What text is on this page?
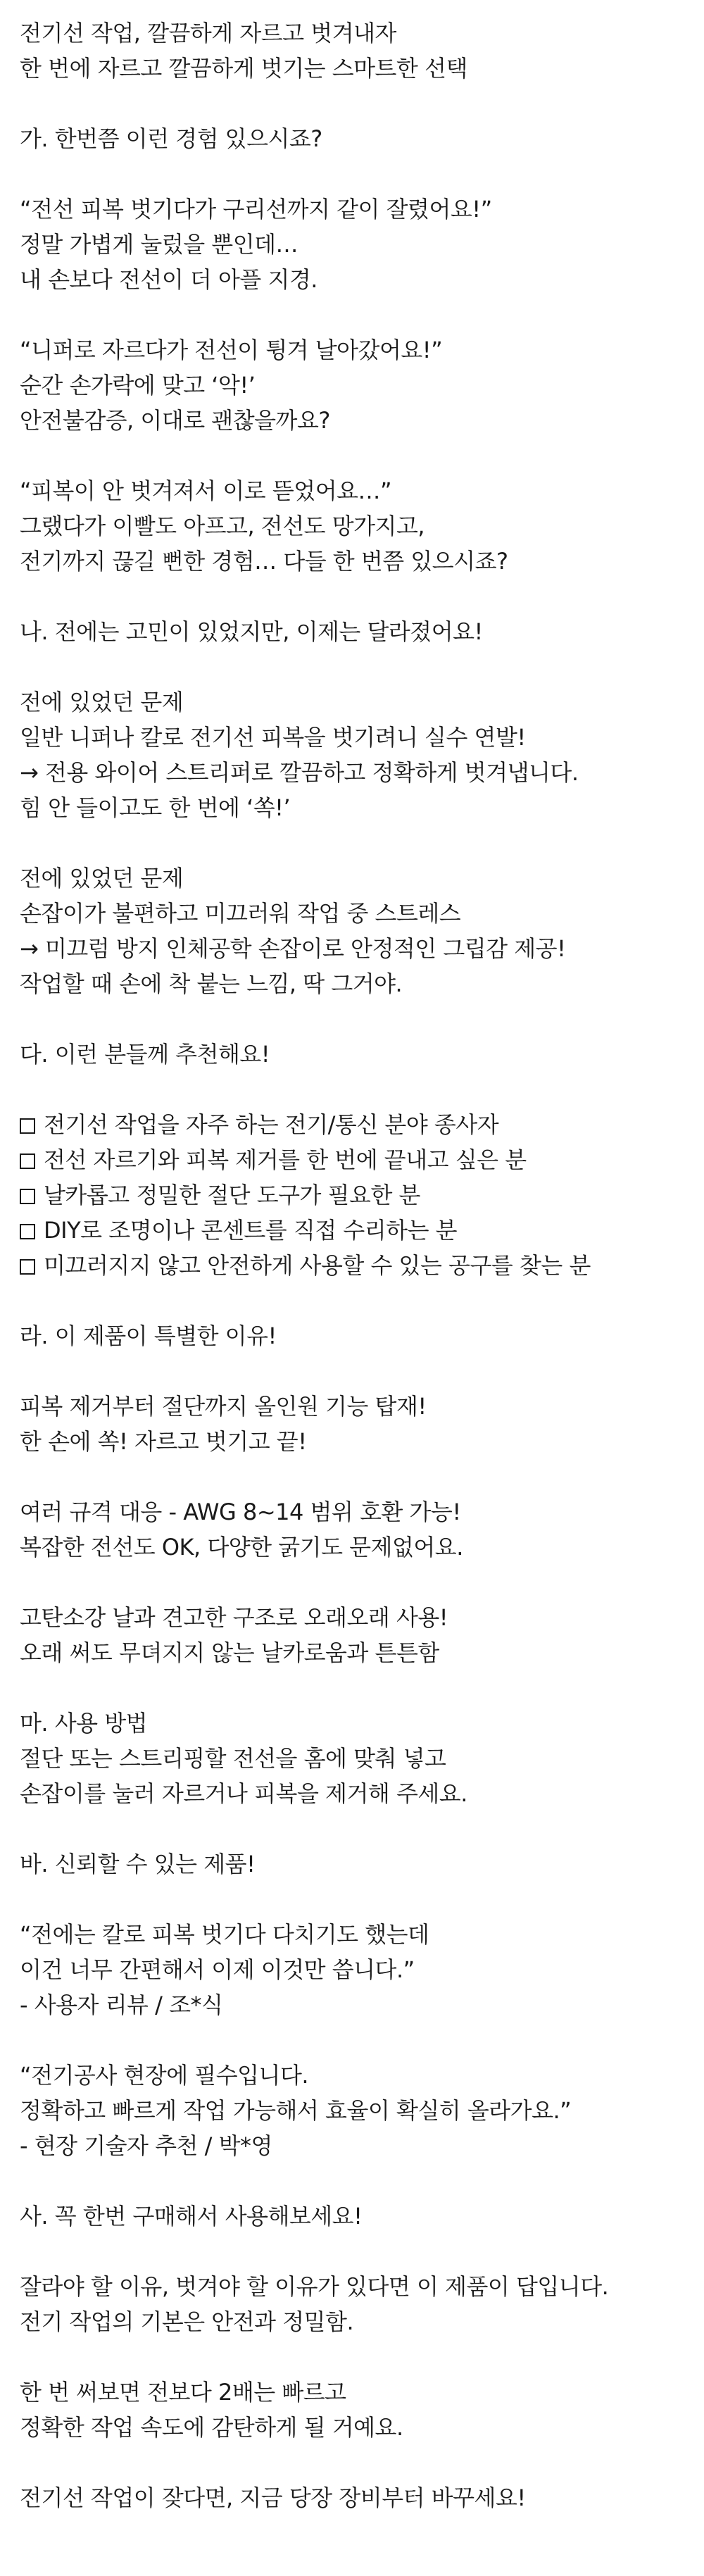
전기선 작업, 깔끔하게 자르고 벗겨내자
한 번에 자르고 깔끔하게 벗기는 스마트한 선택
가. 한번쯤 이런 경험 있으시죠?
“전선 피복 벗기다가 구리선까지 같이 잘렸어요!”
정말 가볍게 눌렀을 뿐인데…
내 손보다 전선이 더 아플 지경.
“니퍼로 자르다가 전선이 튕겨 날아갔어요!”
순간 손가락에 맞고 ‘악!’
안전불감증, 이대로 괜찮을까요?
“피복이 안 벗겨져서 이로 뜯었어요…”
그랬다가 이빨도 아프고, 전선도 망가지고,
전기까지 끊길 뻔한 경험… 다들 한 번쯤 있으시죠?
나. 전에는 고민이 있었지만, 이제는 달라졌어요!
전에 있었던 문제
일반 니퍼나 칼로 전기선 피복을 벗기려니 실수 연발!
→ 전용 와이어 스트리퍼로 깔끔하고 정확하게 벗겨냅니다.
힘 안 들이고도 한 번에 ‘쏙!’
전에 있었던 문제
손잡이가 불편하고 미끄러워 작업 중 스트레스
→ 미끄럼 방지 인체공학 손잡이로 안정적인 그립감 제공!
작업할 때 손에 착 붙는 느낌, 딱 그거야.
다. 이런 분들께 추천해요!
전기선 작업을 자주 하는 전기/통신 분야 종사자
전선 자르기와 피복 제거를 한 번에 끝내고 싶은 분
날카롭고 정밀한 절단 도구가 필요한 분
DIY로 조명이나 콘센트를 직접 수리하는 분
미끄러지지 않고 안전하게 사용할 수 있는 공구를 찾는 분
라. 이 제품이 특별한 이유!
피복 제거부터 절단까지 올인원 기능 탑재!
한 손에 쏙! 자르고 벗기고 끝!
여러 규격 대응 - AWG 8~14 범위 호환 가능!
복잡한 전선도 OK, 다양한 굵기도 문제없어요.
고탄소강 날과 견고한 구조로 오래오래 사용!
오래 써도 무뎌지지 않는 날카로움과 튼튼함
마. 사용 방법
절단 또는 스트리핑할 전선을 홈에 맞춰 넣고
손잡이를 눌러 자르거나 피복을 제거해 주세요.
바. 신뢰할 수 있는 제품!
“전에는 칼로 피복 벗기다 다치기도 했는데
이건 너무 간편해서 이제 이것만 씁니다.”
- 사용자 리뷰 / 조*식
“전기공사 현장에 필수입니다.
정확하고 빠르게 작업 가능해서 효율이 확실히 올라가요.”
- 현장 기술자 추천 / 박*영
사. 꼭 한번 구매해서 사용해보세요!
잘라야 할 이유, 벗겨야 할 이유가 있다면 이 제품이 답입니다.
전기 작업의 기본은 안전과 정밀함.
한 번 써보면 전보다 2배는 빠르고
정확한 작업 속도에 감탄하게 될 거예요.
전기선 작업이 잦다면, 지금 당장 장비부터 바꾸세요!
